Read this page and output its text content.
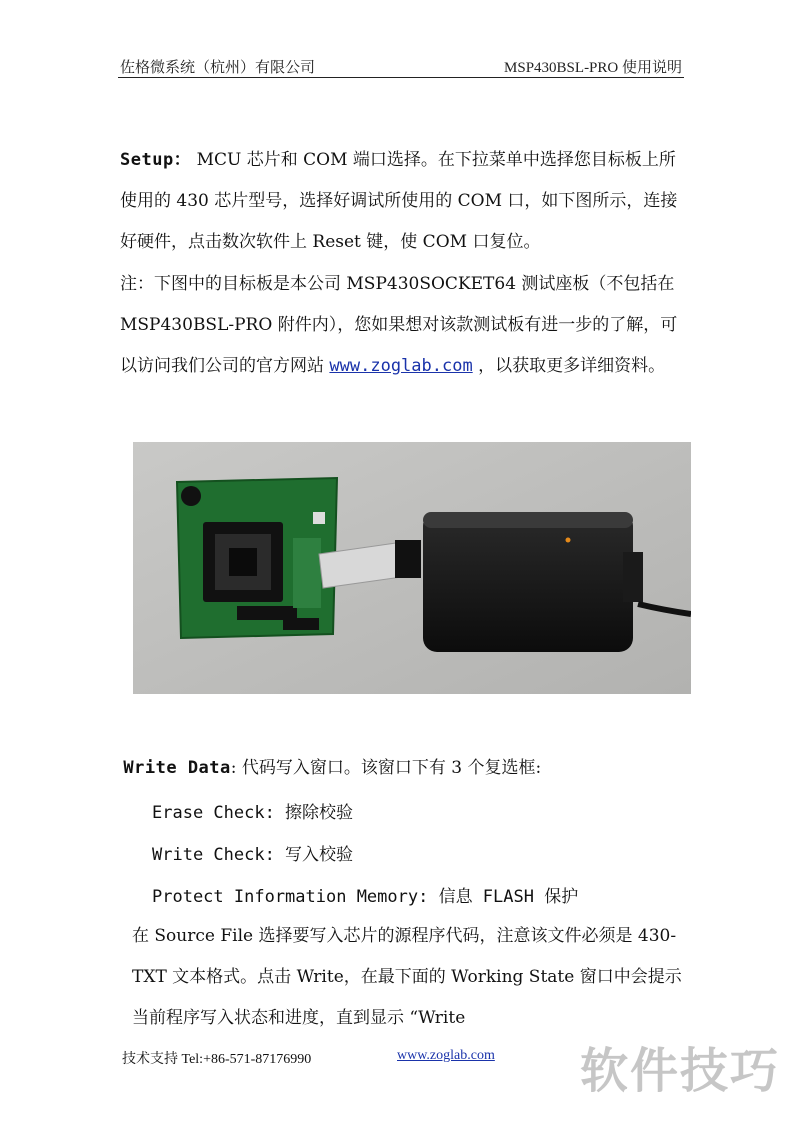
佐格微系统（杭州）有限公司	MSP430BSL-PRO 使用说明
Setup： MCU 芯片和 COM 端口选择。在下拉菜单中选择您目标板上所使用的 430 芯片型号，选择好调试所使用的 COM 口，如下图所示，连接好硬件，点击数次软件上 Reset 键，使 COM 口复位。
注：下图中的目标板是本公司 MSP430SOCKET64 测试座板（不包括在 MSP430BSL-PRO 附件内），您如果想对该款测试板有进一步的了解，可以访问我们公司的官方网站 www.zoglab.com ，以获取更多详细资料。
 Write Data: 代码写入窗口。该窗口下有 3 个复选框:
Erase Check: 擦除校验
Write Check: 写入校验
Protect Information Memory: 信息 FLASH 保护
在 Source File 选择要写入芯片的源程序代码，注意该文件必须是 430-TXT 文本格式。点击 Write，在最下面的 Working State 窗口中会提示当前程序写入状态和进度，直到显示 “Write
技术支持 Tel:+86-571-87176990	www.zoglab.com 软件技巧
